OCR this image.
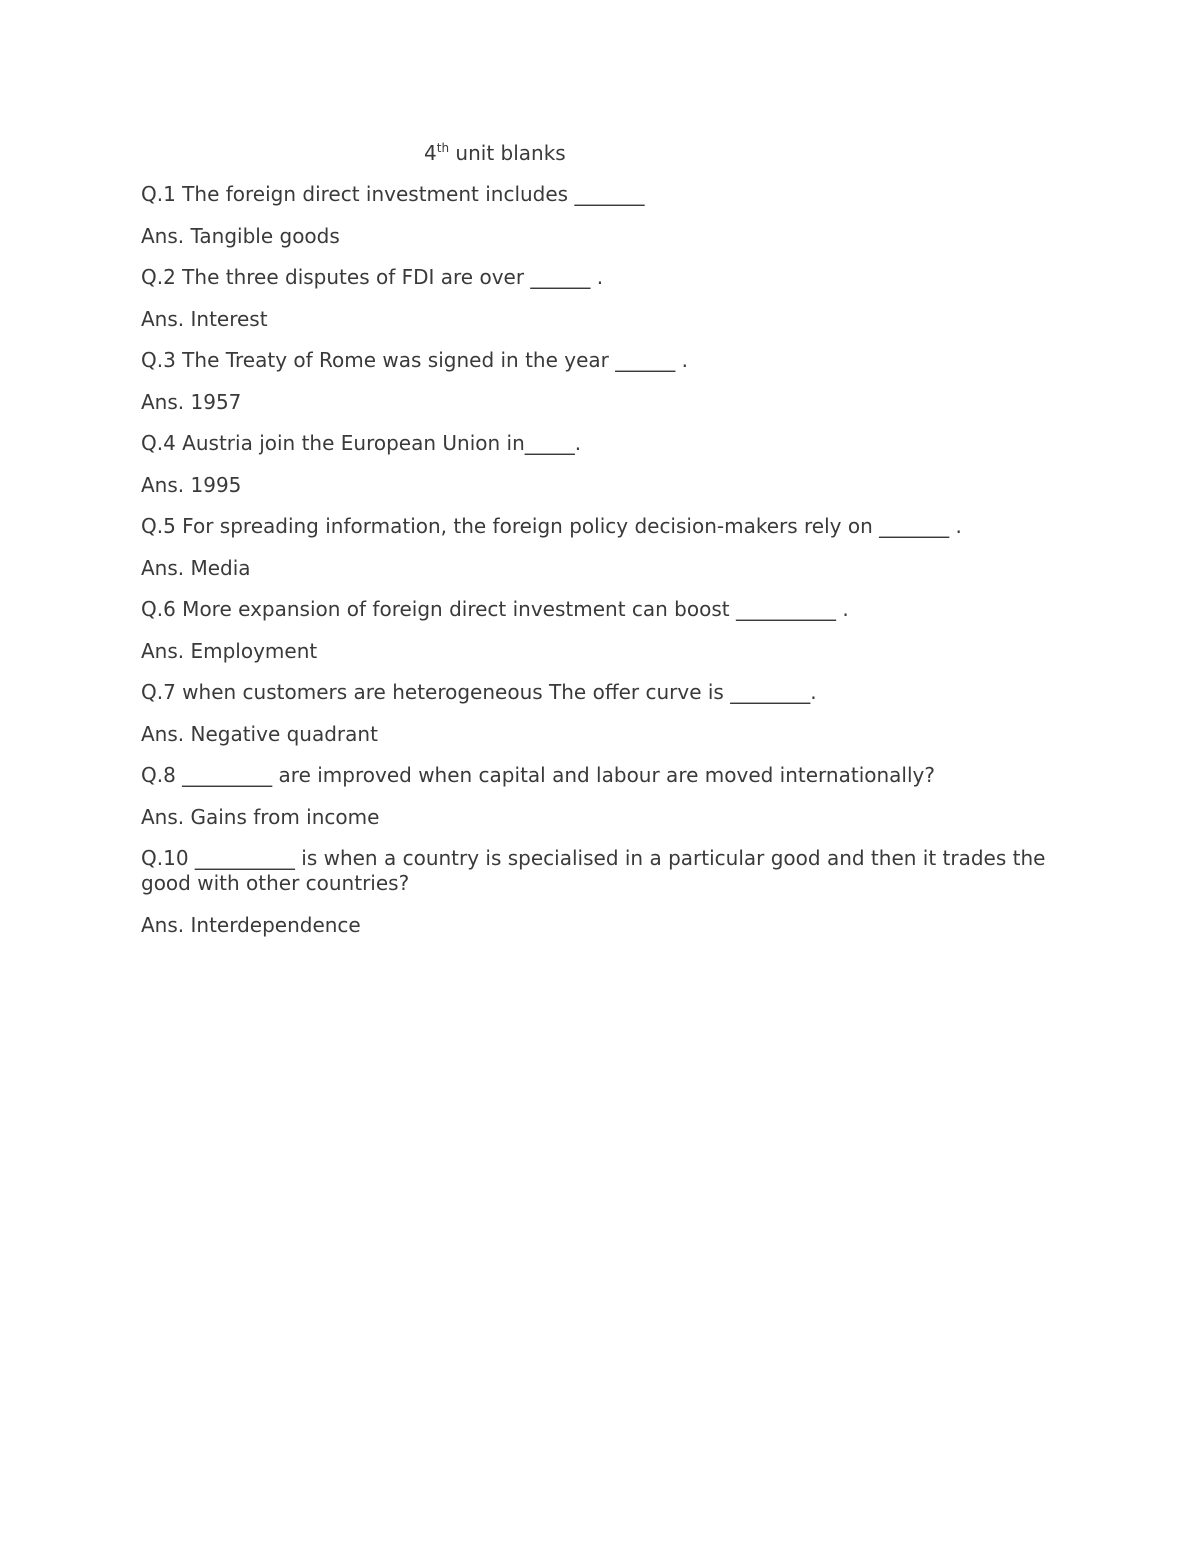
4th unit blanks

Q.1 The foreign direct investment includes _______

Ans. Tangible goods

Q.2 The three disputes of FDI are over ______ .

Ans. Interest

Q.3 The Treaty of Rome was signed in the year ______ .

Ans. 1957

Q.4 Austria join the European Union in_____.

Ans. 1995

Q.5 For spreading information, the foreign policy decision-makers rely on _______ .

Ans. Media

Q.6 More expansion of foreign direct investment can boost __________ .

Ans. Employment

Q.7 when customers are heterogeneous The offer curve is ________.

Ans. Negative quadrant

Q.8 _________ are improved when capital and labour are moved internationally?

Ans. Gains from income

Q.10 __________ is when a country is specialised in a particular good and then it trades the good with other countries?

Ans. Interdependence
